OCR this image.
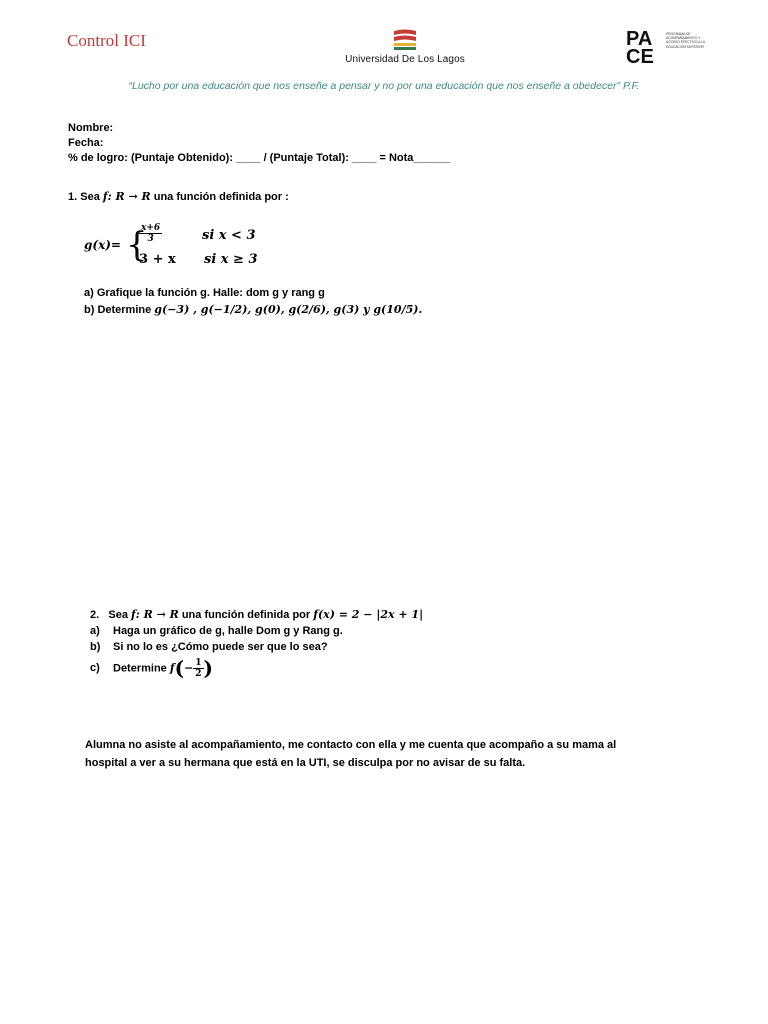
Control ICI
Universidad De Los Lagos
PA
CE
PROGRAMA DE ACOMPAÑAMIENTO Y ACCESO EFECTIVO A LA EDUCACIÓN SUPERIOR
“Lucho por una educación que nos enseñe a pensar y no por una educación que nos enseñe a obedecer” P.F.
Nombre:
Fecha:
% de logro: (Puntaje Obtenido): ____ / (Puntaje Total): ____ = Nota______
1. Sea f: R → R una función definida por :
g(x)= {
$\frac{x+6}{3}$	si x < 3
3 + x si x ≥ 3
a) Grafique la función g. Halle: dom g y rang g
b) Determine g(−3) , g(−1/2), g(0), g(2/6), g(3) y g(10/5).
2. Sea f: R → R una función definida por f(x) = 2 − |2x + 1|
a) Haga un gráfico de g, halle Dom g y Rang g.
b) Si no lo es ¿Cómo puede ser que lo sea?
c) Determine $f(- \frac{1}{2}$ )
Alumna no asiste al acompañamiento, me contacto con ella y me cuenta que acompaño a su mama al
hospital a ver a su hermana que está en la UTI, se disculpa por no avisar de su falta.
